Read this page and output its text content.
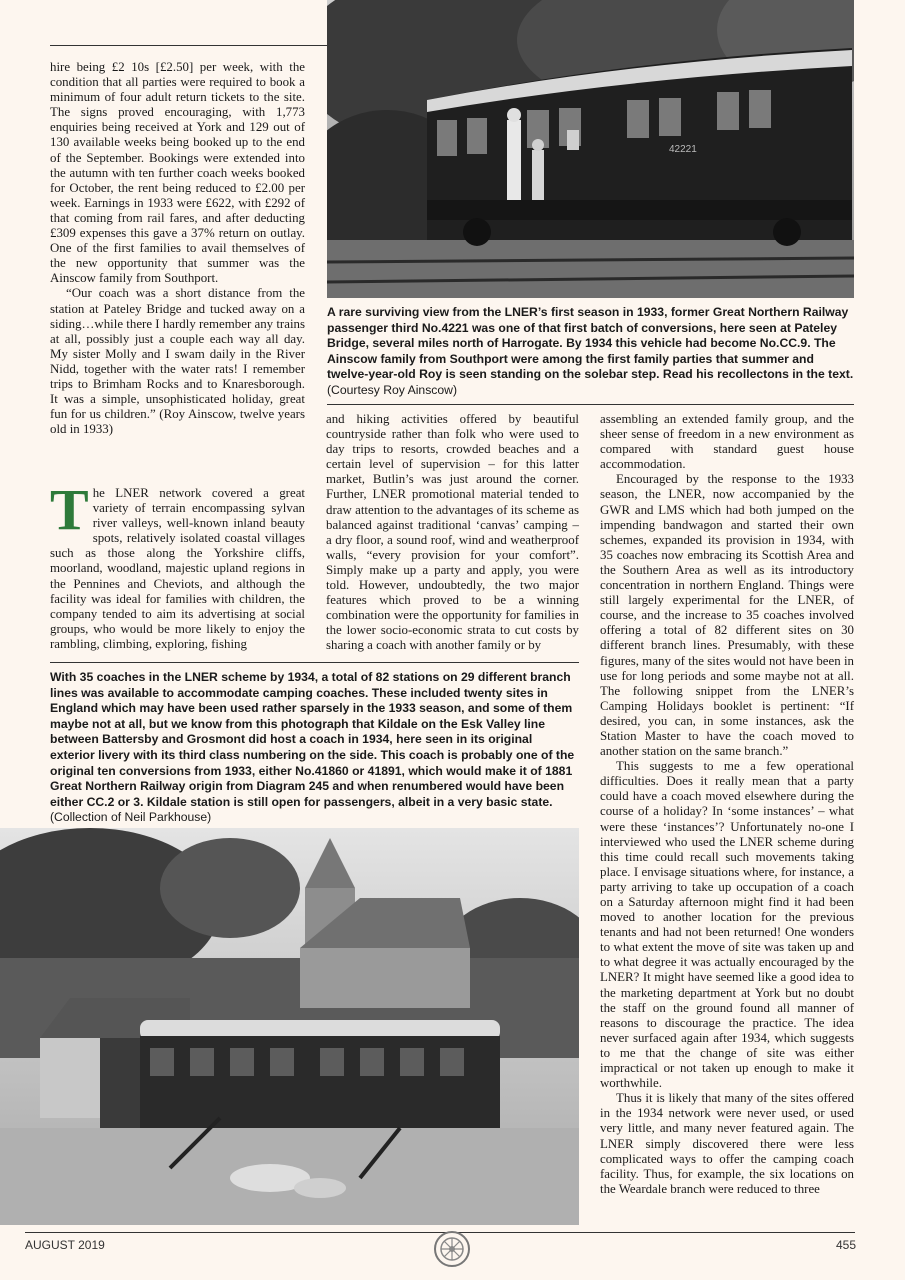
hire being £2 10s [£2.50] per week, with the condition that all parties were required to book a minimum of four adult return tickets to the site. The signs proved encouraging, with 1,773 enquiries being received at York and 129 out of 130 available weeks being booked up to the end of the September. Bookings were extended into the autumn with ten further coach weeks booked for October, the rent being reduced to £2.00 per week. Earnings in 1933 were £622, with £292 of that coming from rail fares, and after deducting £309 expenses this gave a 37% return on outlay. One of the first families to avail themselves of the new opportunity that summer was the Ainscow family from Southport.

“Our coach was a short distance from the station at Pateley Bridge and tucked away on a siding…while there I hardly remember any trains at all, possibly just a couple each way all day. My sister Molly and I swam daily in the River Nidd, together with the water rats! I remember trips to Brimham Rocks and to Knaresborough. It was a simple, unsophisticated holiday, great fun for us children.” (Roy Ainscow, twelve years old in 1933)

The LNER network covered a great variety of terrain encompassing sylvan river valleys, well-known inland beauty spots, relatively isolated coastal villages such as those along the Yorkshire cliffs, moorland, woodland, majestic upland regions in the Pennines and Cheviots, and although the facility was ideal for families with children, the company tended to aim its advertising at social groups, who would be more likely to enjoy the rambling, climbing, exploring, fishing

42221
A rare surviving view from the LNER’s first season in 1933, former Great Northern Railway passenger third No.4221 was one of that first batch of conversions, here seen at Pateley Bridge, several miles north of Harrogate. By 1934 this vehicle had become No.CC.9. The Ainscow family from Southport were among the first family parties that summer and twelve-year-old Roy is seen standing on the solebar step. Read his recollectons in the text. (Courtesy Roy Ainscow)

and hiking activities offered by beautiful countryside rather than folk who were used to day trips to resorts, crowded beaches and a certain level of supervision – for this latter market, Butlin’s was just around the corner. Further, LNER promotional material tended to draw attention to the advantages of its scheme as balanced against traditional ‘canvas’ camping – a dry floor, a sound roof, wind and weatherproof walls, “every provision for your comfort”. Simply make up a party and apply, you were told. However, undoubtedly, the two major features which proved to be a winning combination were the opportunity for families in the lower socio-economic strata to cut costs by sharing a coach with another family or by

assembling an extended family group, and the sheer sense of freedom in a new environment as compared with standard guest house accommodation.

Encouraged by the response to the 1933 season, the LNER, now accompanied by the GWR and LMS which had both jumped on the impending bandwagon and started their own schemes, expanded its provision in 1934, with 35 coaches now embracing its Scottish Area and the Southern Area as well as its introductory concentration in northern England. Things were still largely experimental for the LNER, of course, and the increase to 35 coaches involved offering a total of 82 different sites on 30 different branch lines. Presumably, with these figures, many of the sites would not have been in use for long periods and some maybe not at all. The following snippet from the LNER’s Camping Holidays booklet is pertinent: “If desired, you can, in some instances, ask the Station Master to have the coach moved to another station on the same branch.”

This suggests to me a few operational difficulties. Does it really mean that a party could have a coach moved elsewhere during the course of a holiday? In ‘some instances’ – what were these ‘instances’? Unfortunately no-one I interviewed who used the LNER scheme during this time could recall such movements taking place. I envisage situations where, for instance, a party arriving to take up occupation of a coach on a Saturday afternoon might find it had been moved to another location for the previous tenants and had not been returned! One wonders to what extent the move of site was taken up and to what degree it was actually encouraged by the LNER? It might have seemed like a good idea to the marketing department at York but no doubt the staff on the ground found all manner of reasons to discourage the practice. The idea never surfaced again after 1934, which suggests to me that the change of site was either impractical or not taken up enough to make it worthwhile.

Thus it is likely that many of the sites offered in the 1934 network were never used, or used very little, and many never featured again. The LNER simply discovered there were less complicated ways to offer the camping coach facility. Thus, for example, the six locations on the Weardale branch were reduced to three

With 35 coaches in the LNER scheme by 1934, a total of 82 stations on 29 different branch lines was available to accommodate camping coaches. These included twenty sites in England which may have been used rather sparsely in the 1933 season, and some of them maybe not at all, but we know from this photograph that Kildale on the Esk Valley line between Battersby and Grosmont did host a coach in 1934, here seen in its original exterior livery with its third class numbering on the side. This coach is probably one of the original ten conversions from 1933, either No.41860 or 41891, which would make it of 1881 Great Northern Railway origin from Diagram 245 and when renumbered would have been either CC.2 or 3. Kildale station is still open for passengers, albeit in a very basic state. (Collection of Neil Parkhouse)
AUGUST 2019	455
